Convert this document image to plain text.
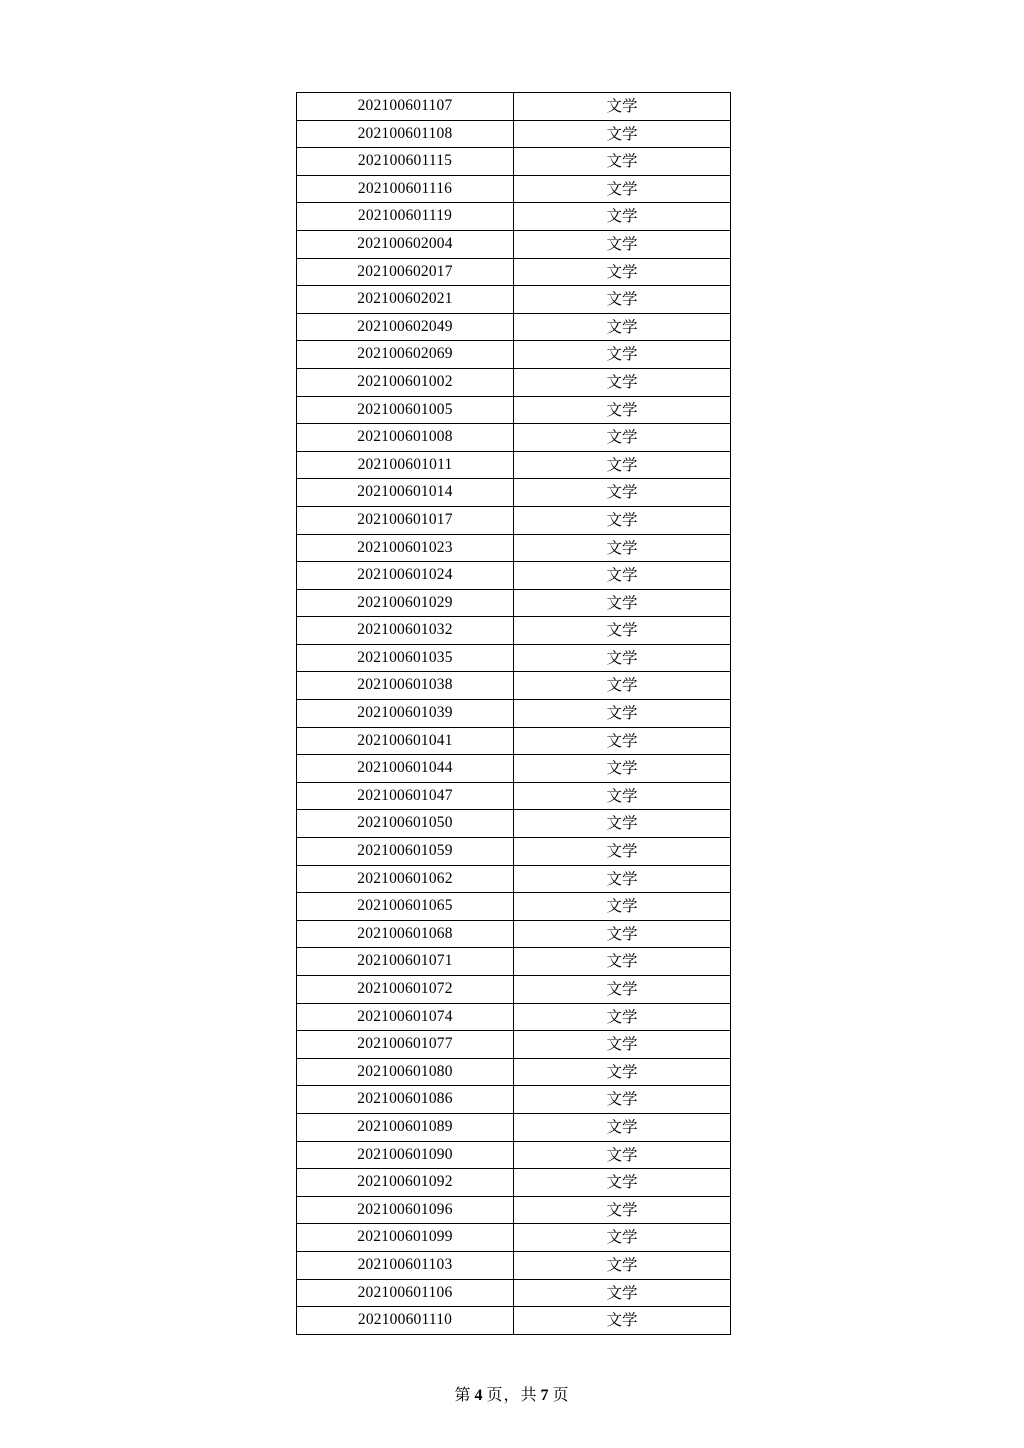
202100601107	文学
202100601108	文学
202100601115	文学
202100601116	文学
202100601119	文学
202100602004	文学
202100602017	文学
202100602021	文学
202100602049	文学
202100602069	文学
202100601002	文学
202100601005	文学
202100601008	文学
202100601011	文学
202100601014	文学
202100601017	文学
202100601023	文学
202100601024	文学
202100601029	文学
202100601032	文学
202100601035	文学
202100601038	文学
202100601039	文学
202100601041	文学
202100601044	文学
202100601047	文学
202100601050	文学
202100601059	文学
202100601062	文学
202100601065	文学
202100601068	文学
202100601071	文学
202100601072	文学
202100601074	文学
202100601077	文学
202100601080	文学
202100601086	文学
202100601089	文学
202100601090	文学
202100601092	文学
202100601096	文学
202100601099	文学
202100601103	文学
202100601106	文学
202100601110	文学
第 4 页，共 7 页
